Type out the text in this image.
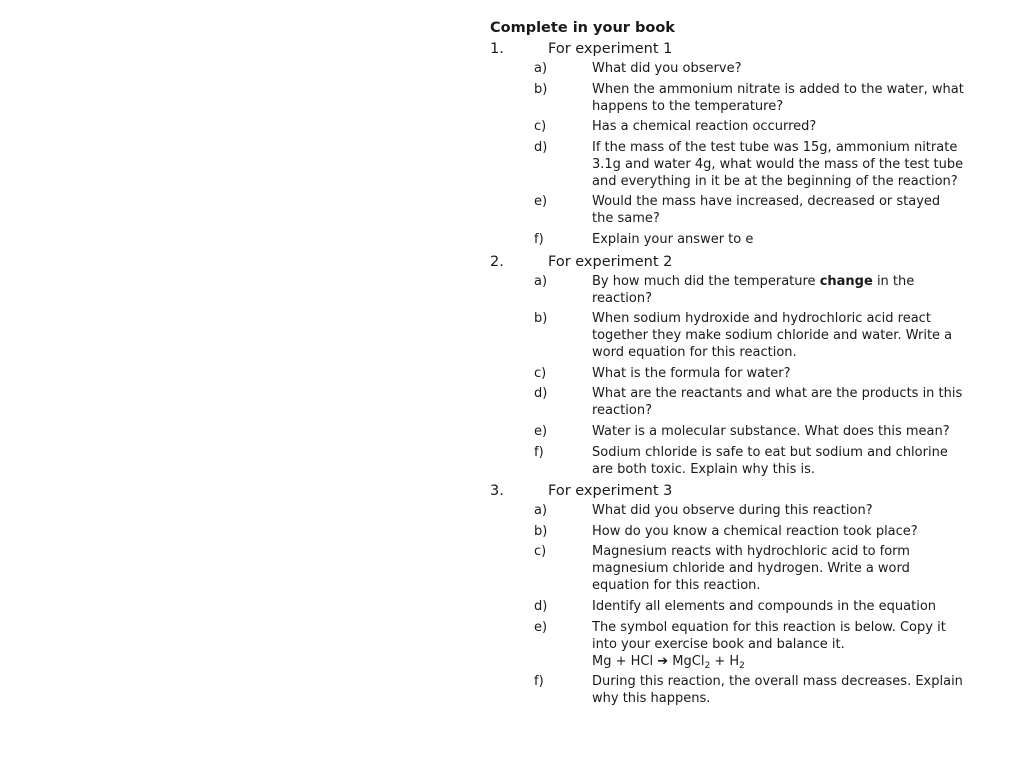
Complete in your book
1.	For experiment 1
a)	What did you observe?
b)	When the ammonium nitrate is added to the water, what happens to the temperature?
c)	Has a chemical reaction occurred?
d)	If the mass of the test tube was 15g, ammonium nitrate 3.1g and water 4g, what would the mass of the test tube and everything in it be at the beginning of the reaction?
e)	Would the mass have increased, decreased or stayed the same?
f)	Explain your answer to e
2.	For experiment 2
a)	By how much did the temperature change in the reaction?
b)	When sodium hydroxide and hydrochloric acid react together they make sodium chloride and water. Write a word equation for this reaction.
c)	What is the formula for water?
d)	What are the reactants and what are the products in this reaction?
e)	Water is a molecular substance. What does this mean?
f)	Sodium chloride is safe to eat but sodium and chlorine are both toxic. Explain why this is.
3.	For experiment 3
a)	What did you observe during this reaction?
b)	How do you know a chemical reaction took place?
c)	Magnesium reacts with hydrochloric acid to form magnesium chloride and hydrogen. Write a word equation for this reaction.
d)	Identify all elements and compounds in the equation
e)	The symbol equation for this reaction is below. Copy it into your exercise book and balance it.
Mg + HCl ➔ MgCl$_2$ + $H_2$
f)	During this reaction, the overall mass decreases. Explain why this happens.
